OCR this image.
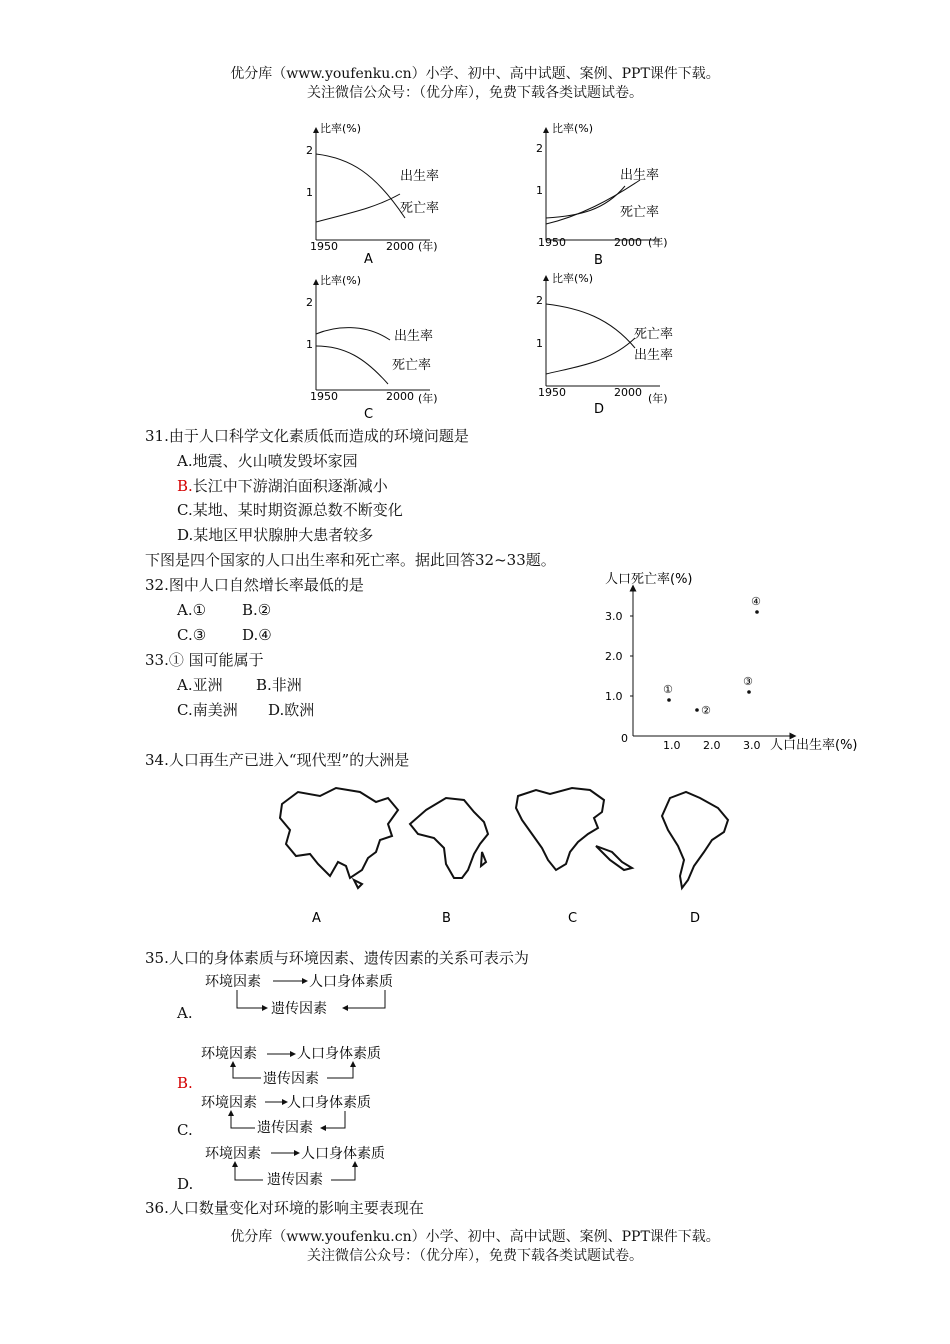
优分库（www.youfenku.cn）小学、初中、高中试题、案例、PPT课件下载。
关注微信公众号：（优分库），免费下载各类试题试卷。
比率(%)
2
1
1950	2000 (年)
出生率
死亡率
A
比率(%)
2
1
1950	2000 (年)
出生率
死亡率
B
比率(%)
2
1
1950	2000 (年)
出生率
死亡率
C
比率(%)
2
1
1950	2000 (年)
死亡率
出生率
D
31.由于人口科学文化素质低而造成的环境问题是
A.地震、火山喷发毁坏家园
B.长江中下游湖泊面积逐渐减小
C.某地、某时期资源总数不断变化
D.某地区甲状腺肿大患者较多
下图是四个国家的人口出生率和死亡率。据此回答32~33题。
32.图中人口自然增长率最低的是
A.① B.②
C.③ D.④
33.① 国可能属于
A.亚洲 B.非洲
C.南美洲 D.欧洲
人口死亡率(%)
人口出生率(%)
0
1.0 2.0 3.0
1.0
2.0
3.0
①
②
③
④
34.人口再生产已进入“现代型”的大洲是
A	B	C	D
35.人口的身体素质与环境因素、遗传因素的关系可表示为
A.
B.
C.
D.
环境因素	人口身体素质
遗传因素
环境因素	人口身体素质
遗传因素
环境因素 人口身体素质
遗传因素
环境因素	人口身体素质
遗传因素
36.人口数量变化对环境的影响主要表现在
优分库（www.youfenku.cn）小学、初中、高中试题、案例、PPT课件下载。
关注微信公众号：（优分库），免费下载各类试题试卷。
